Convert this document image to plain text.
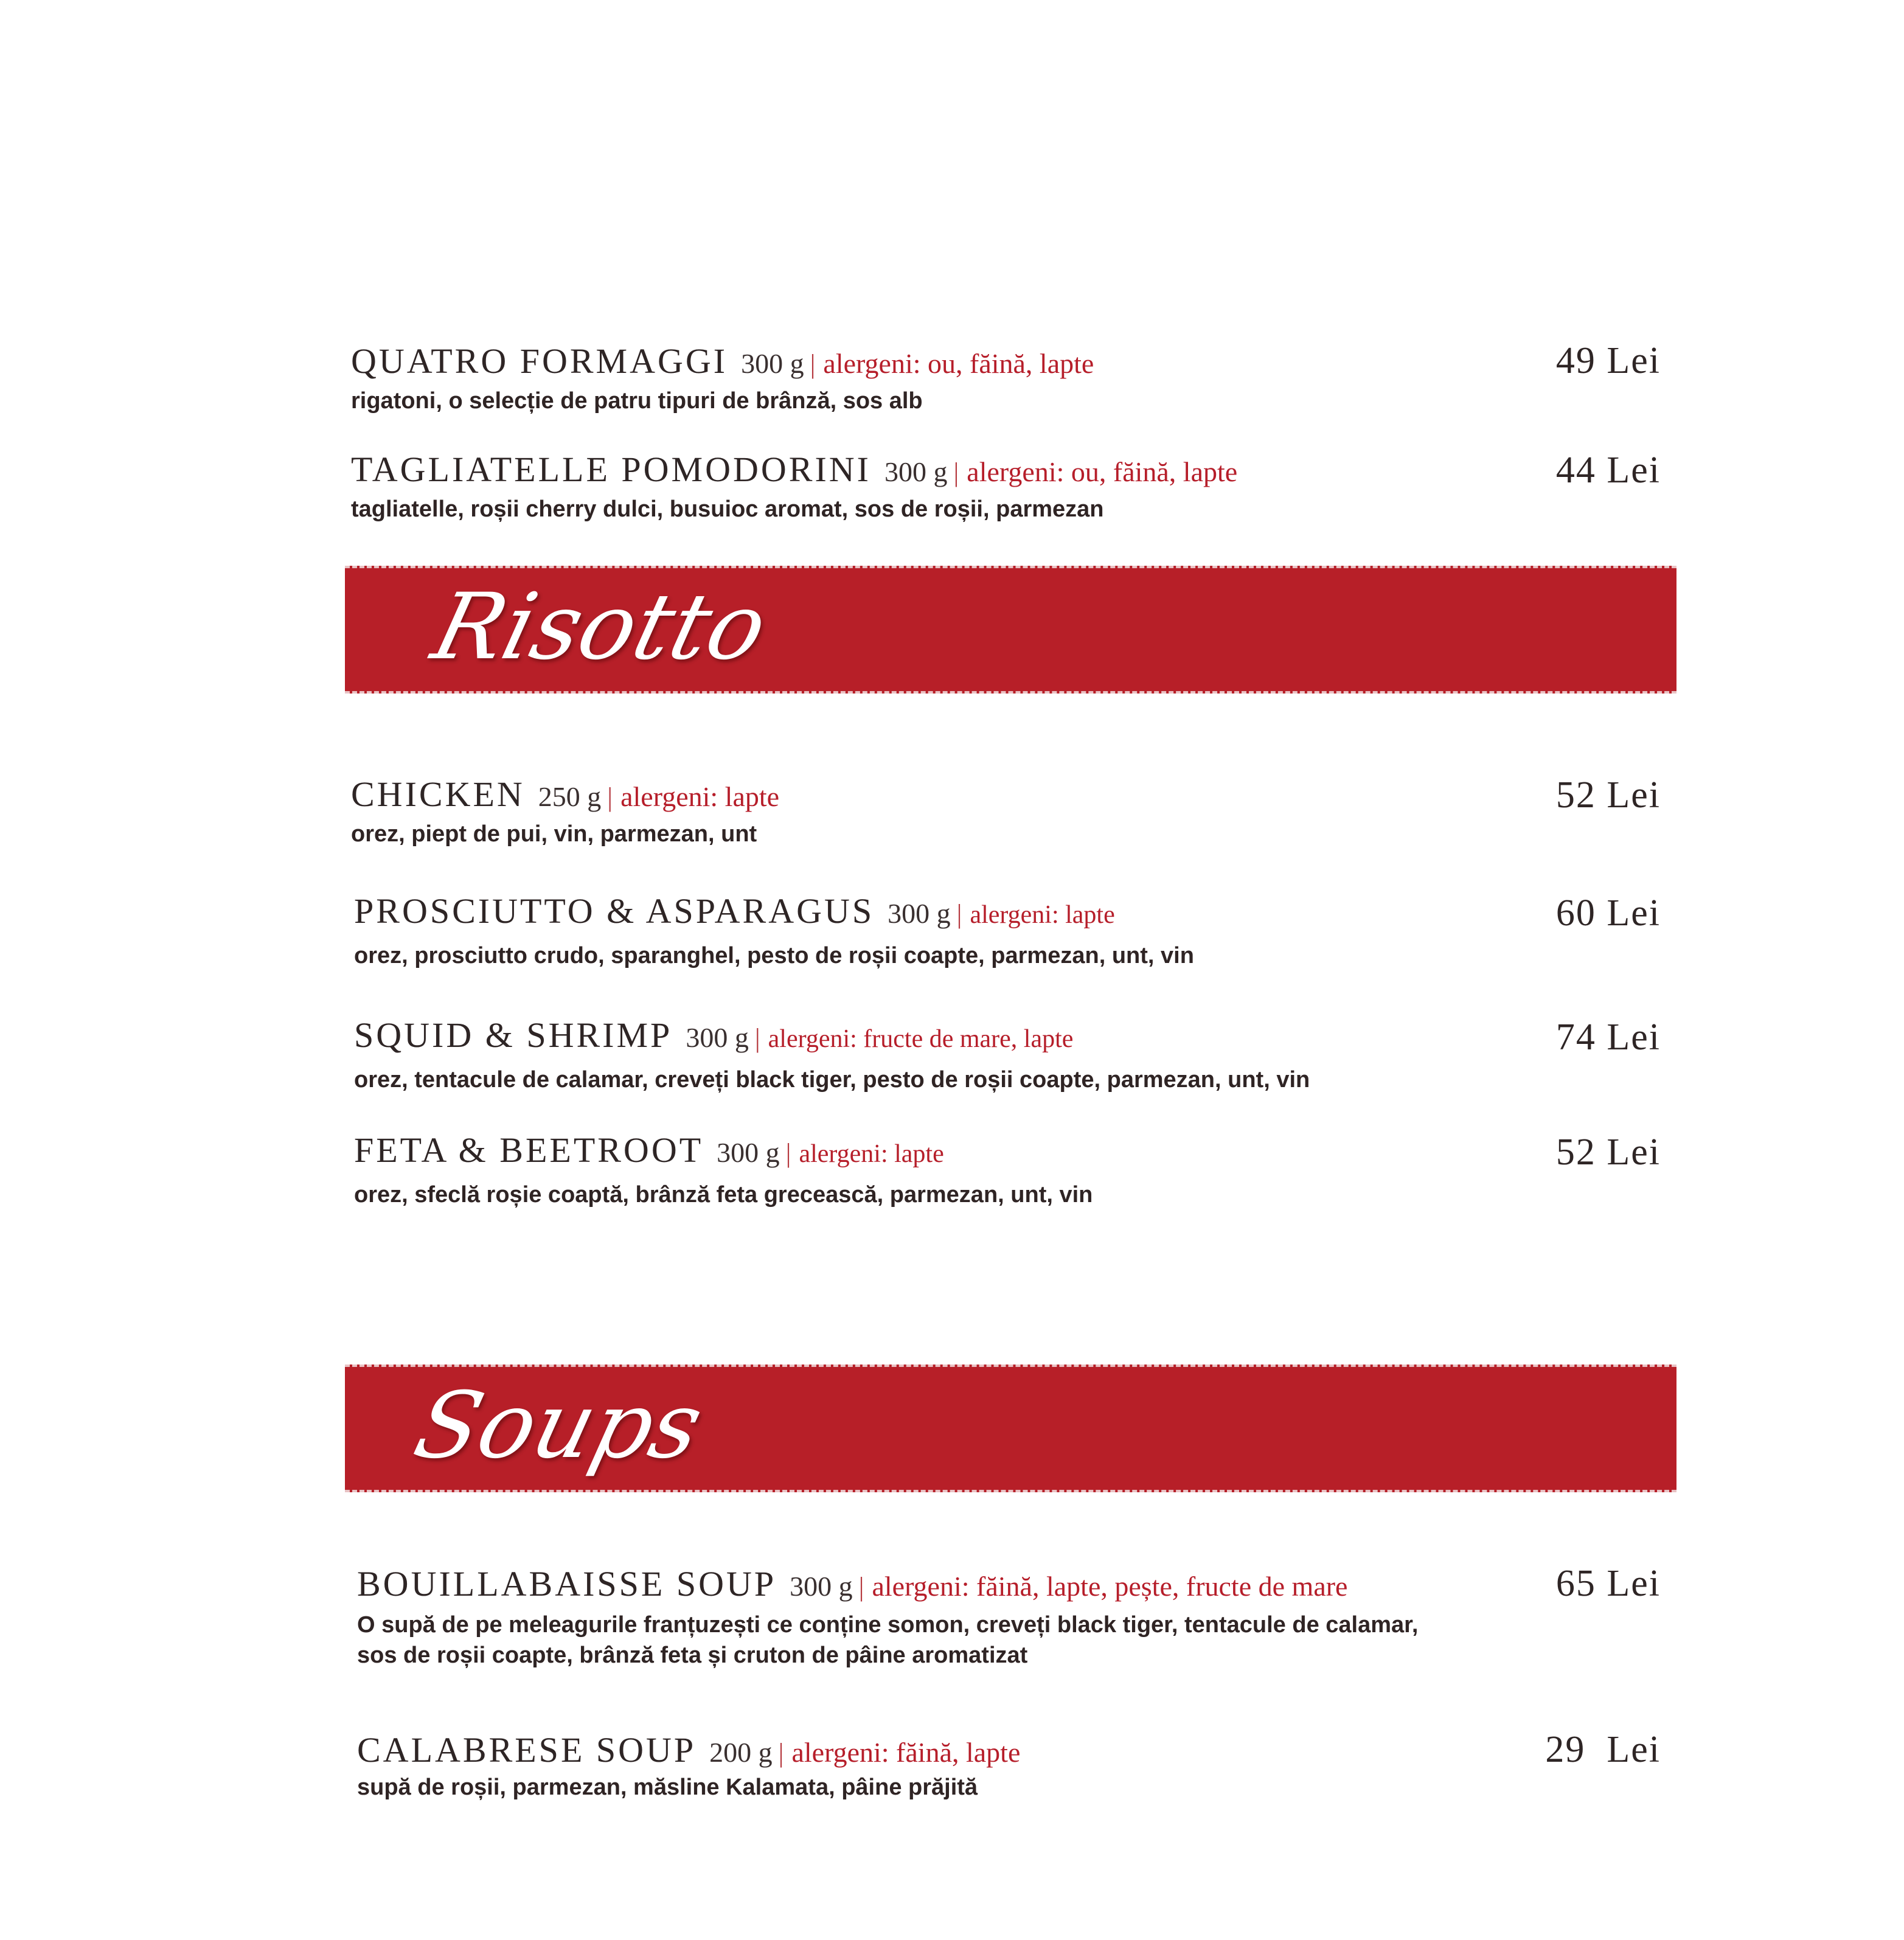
QUATRO FORMAGGI 300 g | alergeni: ou, făină, lapte
rigatoni, o selecție de patru tipuri de brânză, sos alb
49 Lei
TAGLIATELLE POMODORINI 300 g | alergeni: ou, făină, lapte
tagliatelle, roșii cherry dulci, busuioc aromat, sos de roșii, parmezan
44 Lei
Risotto
CHICKEN 250 g | alergeni: lapte
orez, piept de pui, vin, parmezan, unt
52 Lei
PROSCIUTTO & ASPARAGUS 300 g | alergeni: lapte
orez, prosciutto crudo, sparanghel, pesto de roșii coapte, parmezan, unt, vin
60 Lei
SQUID & SHRIMP 300 g | alergeni: fructe de mare, lapte
orez, tentacule de calamar, creveți black tiger, pesto de roșii coapte, parmezan, unt, vin
74 Lei
FETA & BEETROOT 300 g | alergeni: lapte
orez, sfeclă roșie coaptă, brânză feta grecească, parmezan, unt, vin
52 Lei
Soups
BOUILLABAISSE SOUP 300 g | alergeni: făină, lapte, pește, fructe de mare
O supă de pe meleagurile franțuzești ce conține somon, creveți black tiger, tentacule de calamar,
sos de roșii coapte, brânză feta și cruton de pâine aromatizat
65 Lei
CALABRESE SOUP 200 g | alergeni: făină, lapte
supă de roșii, parmezan, măsline Kalamata, pâine prăjită
29  Lei
